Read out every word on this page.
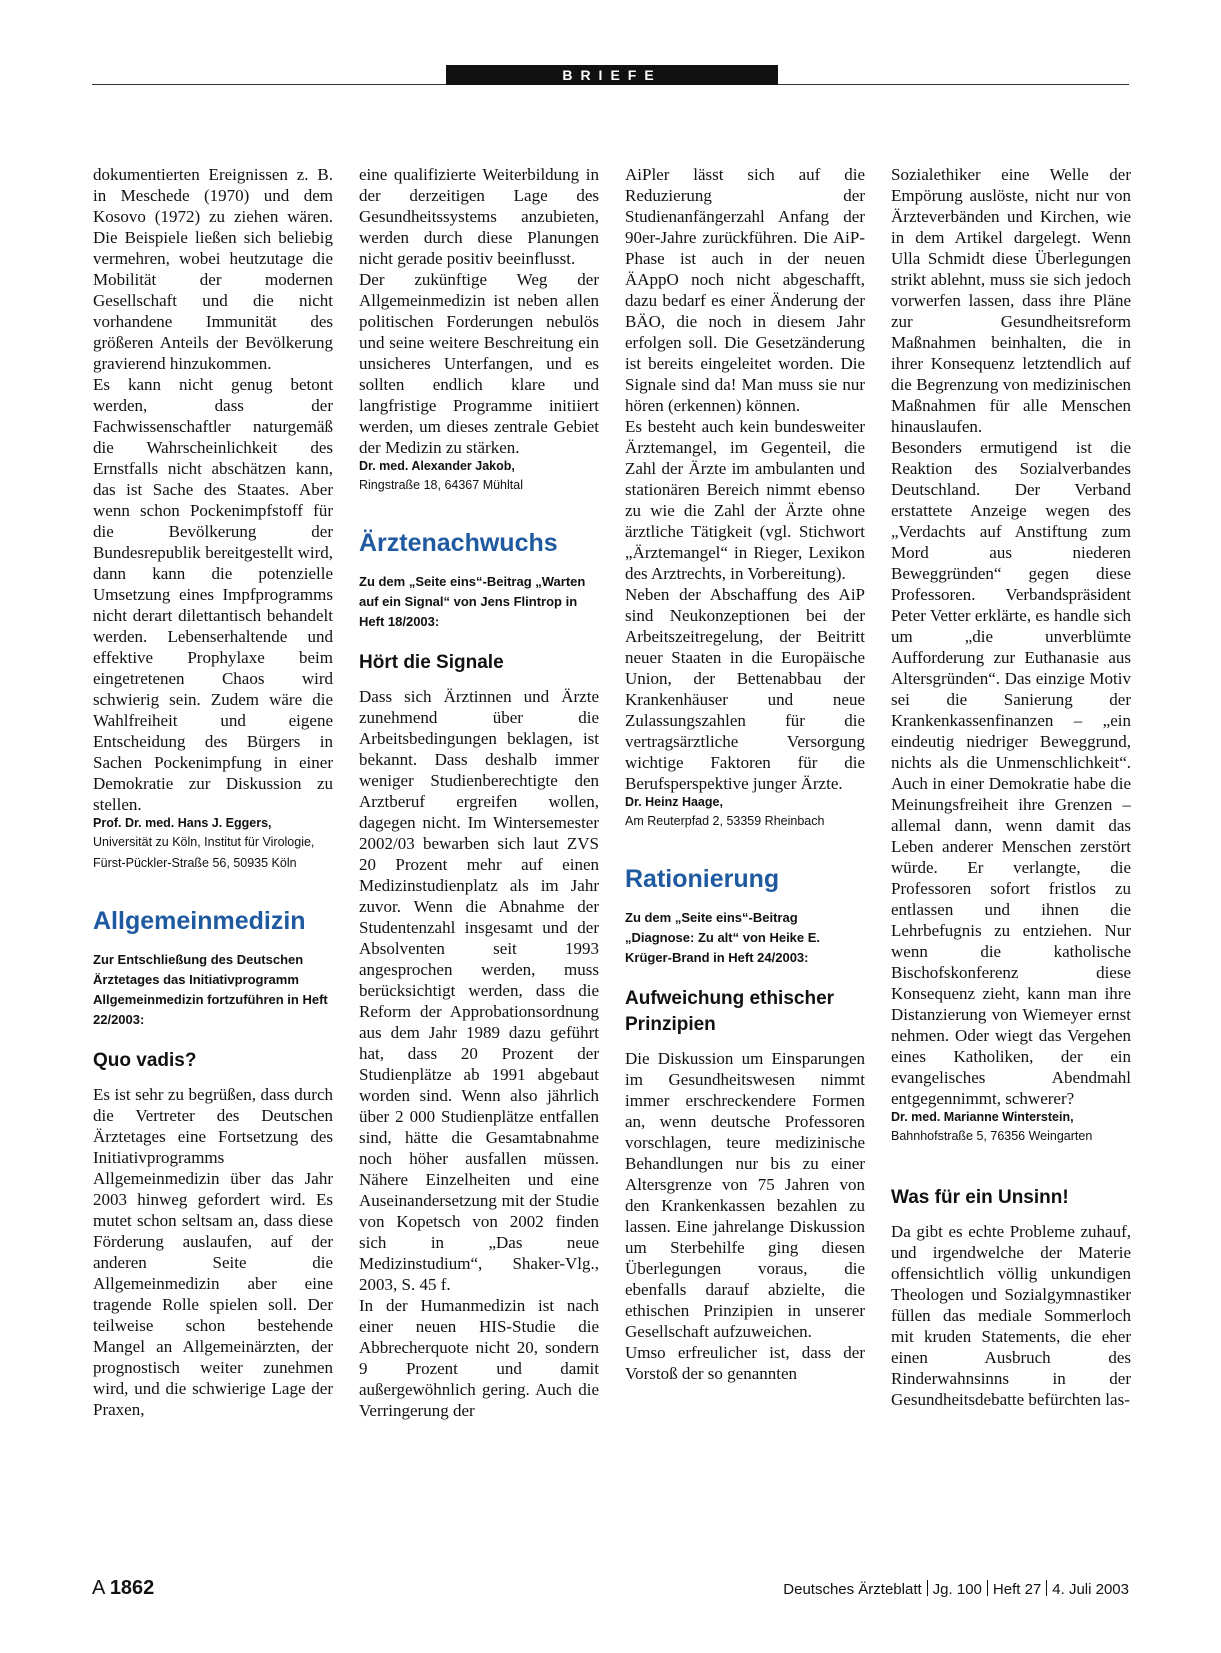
BRIEFE

dokumentierten Ereignissen z. B. in Meschede (1970) und dem Kosovo (1972) zu ziehen wären. Die Beispiele ließen sich beliebig vermehren, wobei heutzutage die Mobilität der modernen Gesellschaft und die nicht vorhandene Immunität des größeren Anteils der Bevölkerung gravierend hinzukommen.

Es kann nicht genug betont werden, dass der Fachwissenschaftler naturgemäß die Wahrscheinlichkeit des Ernstfalls nicht abschätzen kann, das ist Sache des Staates. Aber wenn schon Pockenimpfstoff für die Bevölkerung der Bundesrepublik bereitgestellt wird, dann kann die potenzielle Umsetzung eines Impfprogramms nicht derart dilettantisch behandelt werden. Lebenserhaltende und effektive Prophylaxe beim eingetretenen Chaos wird schwierig sein. Zudem wäre die Wahlfreiheit und eigene Entscheidung des Bürgers in Sachen Pockenimpfung in einer Demokratie zur Diskussion zu stellen.

Prof. Dr. med. Hans J. Eggers,

Universität zu Köln, Institut für Virologie, Fürst-Pückler-Straße 56, 50935 Köln

Allgemeinmedizin

Zur Entschließung des Deutschen Ärztetages das Initiativprogramm Allgemeinmedizin fortzuführen in Heft 22/2003:

Quo vadis?

Es ist sehr zu begrüßen, dass durch die Vertreter des Deutschen Ärztetages eine Fortsetzung des Initiativprogramms Allgemeinmedizin über das Jahr 2003 hinweg gefordert wird. Es mutet schon seltsam an, dass diese Förderung auslaufen, auf der anderen Seite die Allgemeinmedizin aber eine tragende Rolle spielen soll. Der teilweise schon bestehende Mangel an Allgemeinärzten, der prognostisch weiter zunehmen wird, und die schwierige Lage der Praxen,

eine qualifizierte Weiterbildung in der derzeitigen Lage des Gesundheitssystems anzubieten, werden durch diese Planungen nicht gerade positiv beeinflusst.

Der zukünftige Weg der Allgemeinmedizin ist neben allen politischen Forderungen nebulös und seine weitere Beschreitung ein unsicheres Unterfangen, und es sollten endlich klare und langfristige Programme initiiert werden, um dieses zentrale Gebiet der Medizin zu stärken.

Dr. med. Alexander Jakob,

Ringstraße 18, 64367 Mühltal

Ärztenachwuchs

Zu dem „Seite eins“-Beitrag „Warten auf ein Signal“ von Jens Flintrop in Heft 18/2003:

Hört die Signale

Dass sich Ärztinnen und Ärzte zunehmend über die Arbeitsbedingungen beklagen, ist bekannt. Dass deshalb immer weniger Studienberechtigte den Arztberuf ergreifen wollen, dagegen nicht. Im Wintersemester 2002/03 bewarben sich laut ZVS 20 Prozent mehr auf einen Medizinstudienplatz als im Jahr zuvor. Wenn die Abnahme der Studentenzahl insgesamt und der Absolventen seit 1993 angesprochen werden, muss berücksichtigt werden, dass die Reform der Approbationsordnung aus dem Jahr 1989 dazu geführt hat, dass 20 Prozent der Studienplätze ab 1991 abgebaut worden sind. Wenn also jährlich über 2 000 Studienplätze entfallen sind, hätte die Gesamtabnahme noch höher ausfallen müssen. Nähere Einzelheiten und eine Auseinandersetzung mit der Studie von Kopetsch von 2002 finden sich in „Das neue Medizinstudium“, Shaker-Vlg., 2003, S. 45 f.

In der Humanmedizin ist nach einer neuen HIS-Studie die Abbrecherquote nicht 20, sondern 9 Prozent und damit außergewöhnlich gering. Auch die Verringerung der

AiPler lässt sich auf die Reduzierung der Studienanfängerzahl Anfang der 90er-Jahre zurückführen. Die AiP-Phase ist auch in der neuen ÄAppO noch nicht abgeschafft, dazu bedarf es einer Änderung der BÄO, die noch in diesem Jahr erfolgen soll. Die Gesetzänderung ist bereits eingeleitet worden. Die Signale sind da! Man muss sie nur hören (erkennen) können.

Es besteht auch kein bundesweiter Ärztemangel, im Gegenteil, die Zahl der Ärzte im ambulanten und stationären Bereich nimmt ebenso zu wie die Zahl der Ärzte ohne ärztliche Tätigkeit (vgl. Stichwort „Ärztemangel“ in Rieger, Lexikon des Arztrechts, in Vorbereitung).

Neben der Abschaffung des AiP sind Neukonzeptionen bei der Arbeitszeitregelung, der Beitritt neuer Staaten in die Europäische Union, der Bettenabbau der Krankenhäuser und neue Zulassungszahlen für die vertragsärztliche Versorgung wichtige Faktoren für die Berufsperspektive junger Ärzte.

Dr. Heinz Haage,

Am Reuterpfad 2, 53359 Rheinbach

Rationierung

Zu dem „Seite eins“-Beitrag „Diagnose: Zu alt“ von Heike E. Krüger-Brand in Heft 24/2003:

Aufweichung ethischer Prinzipien

Die Diskussion um Einsparungen im Gesundheitswesen nimmt immer erschreckendere Formen an, wenn deutsche Professoren vorschlagen, teure medizinische Behandlungen nur bis zu einer Altersgrenze von 75 Jahren von den Krankenkassen bezahlen zu lassen. Eine jahrelange Diskussion um Sterbehilfe ging diesen Überlegungen voraus, die ebenfalls darauf abzielte, die ethischen Prinzipien in unserer Gesellschaft aufzuweichen.

Umso erfreulicher ist, dass der Vorstoß der so genannten

Sozialethiker eine Welle der Empörung auslöste, nicht nur von Ärzteverbänden und Kirchen, wie in dem Artikel dargelegt. Wenn Ulla Schmidt diese Überlegungen strikt ablehnt, muss sie sich jedoch vorwerfen lassen, dass ihre Pläne zur Gesundheitsreform Maßnahmen beinhalten, die in ihrer Konsequenz letztendlich auf die Begrenzung von medizinischen Maßnahmen für alle Menschen hinauslaufen.

Besonders ermutigend ist die Reaktion des Sozialverbandes Deutschland. Der Verband erstattete Anzeige wegen des „Verdachts auf Anstiftung zum Mord aus niederen Beweggründen“ gegen diese Professoren. Verbandspräsident Peter Vetter erklärte, es handle sich um „die unverblümte Aufforderung zur Euthanasie aus Altersgründen“. Das einzige Motiv sei die Sanierung der Krankenkassenfinanzen – „ein eindeutig niedriger Beweggrund, nichts als die Unmenschlichkeit“. Auch in einer Demokratie habe die Meinungsfreiheit ihre Grenzen – allemal dann, wenn damit das Leben anderer Menschen zerstört würde. Er verlangte, die Professoren sofort fristlos zu entlassen und ihnen die Lehrbefugnis zu entziehen. Nur wenn die katholische Bischofskonferenz diese Konsequenz zieht, kann man ihre Distanzierung von Wiemeyer ernst nehmen. Oder wiegt das Vergehen eines Katholiken, der ein evangelisches Abendmahl entgegennimmt, schwerer?

Dr. med. Marianne Winterstein,

Bahnhofstraße 5, 76356 Weingarten

Was für ein Unsinn!

Da gibt es echte Probleme zuhauf, und irgendwelche der Materie offensichtlich völlig unkundigen Theologen und Sozialgymnastiker füllen das mediale Sommerloch mit kruden Statements, die eher einen Ausbruch des Rinderwahnsinns in der Gesundheitsdebatte befürchten las-

A 1862	Deutsches Ärzteblatt Jg. 100 Heft 27 4. Juli 2003
